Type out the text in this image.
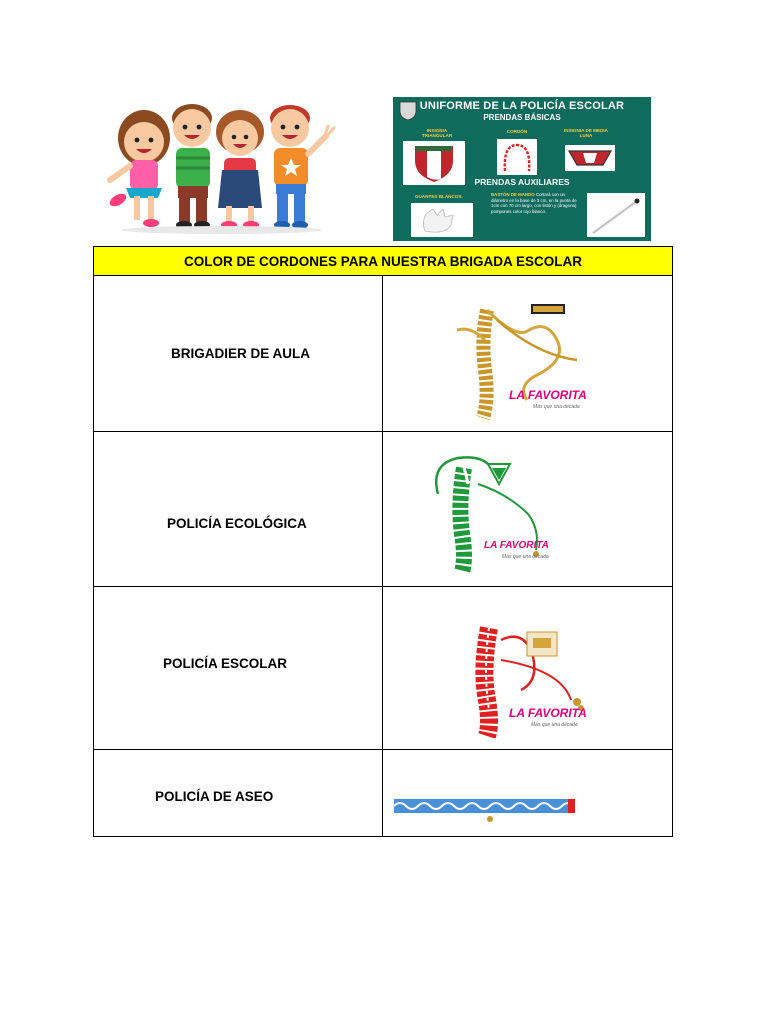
UNIFORME DE LA POLICÍA ESCOLAR
PRENDAS BÁSICAS
INSIGNIA TRIANGULAR
CORDÓN	INSIGNIA DE MEDIA LUNA
PRENDAS AUXILIARES
GUANTES BLANCOS.	BASTÓN DE MANDO Cortará con un diámetro en la base de 3 cm, en la punta de 1cm con 70 cm largo, con listón y (dragona) pompones color rojo blanco.
COLOR DE CORDONES PARA NUESTRA BRIGADA ESCOLAR
BRIGADIER DE AULA
LA FAVORITA
Más que una década
POLICÍA ECOLÓGICA
LA FAVORITA
Más que una década
POLICÍA ESCOLAR
LA FAVORITA
Más que una década
POLICÍA DE ASEO
